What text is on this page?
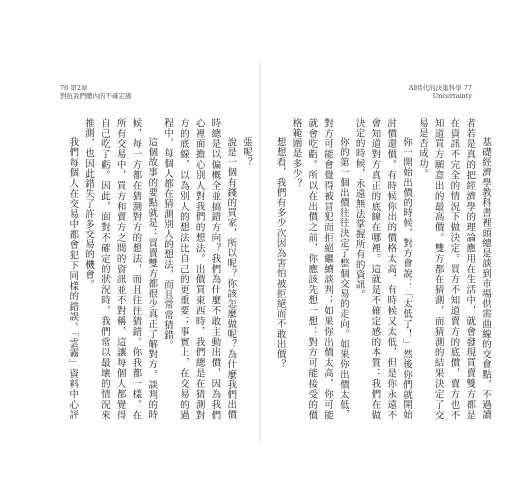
76 第2章
對抗我們體內的不確定感
AI時代的決策科學 77
Uncertainty

基礎經濟學教科書裡頭總是談到市場供需曲線的交會點，不過讀者若是真的把經濟學的理論應用在生活中，就會發現買賣雙方都是在資訊不完全的情況下做決定。買方不知道賣方的底價，賣方也不知道買方願意出的最高價。雙方都在猜測，而猜測的結果決定了交易是否成功。

你一開始出價的時候，對方會說：「太低了！」然後你們就開始討價還價。有時候你出的價格太高，有時候又太低，但是你永遠不會知道對方真正的底線在哪裡。這就是不確定感的本質：我們在做決定的時候，永遠無法掌握所有的資訊。

你的第一個出價往往決定了整個交易的走向。如果你出價太低，對方可能會覺得被冒犯而拒絕繼續談判；如果你出價太高，你可能就會吃虧。所以在出價之前，你應該先想一想：對方可能接受的價格範圍是多少？

想想看，我們有多少次因為害怕被拒絕而不敢出價？

張呢？

說是一個有錢的買家，所以呢？你該怎麼做呢？為什麼我們出價時總是以偏概全並搞錯方向？我們為什麼不敢主動出價，因為我們心裡面擔心別人對我們的想法。出價買東西時，我們總是在猜測對方的底線，以為別人的想法比自己的更重要；事實上，在交易的過程中，每個人都在猜測別人的想法，而且常常猜錯。

這個故事的要點就是：買賣雙方都很少真正了解對方。談判的時候，每一方都在猜測對方的想法，而且往往猜錯。你我都一樣。在所有交易中，買方和賣方之間的資訊並不對稱，這讓每個人都覺得自己吃了虧。因此，面對不確定的狀況時，我們常以最壞的情況來推測，也因此錯失了許多交易的機會。

我們每個人在交易中都會犯下同樣的錯誤。「雲霧」資料中心評
